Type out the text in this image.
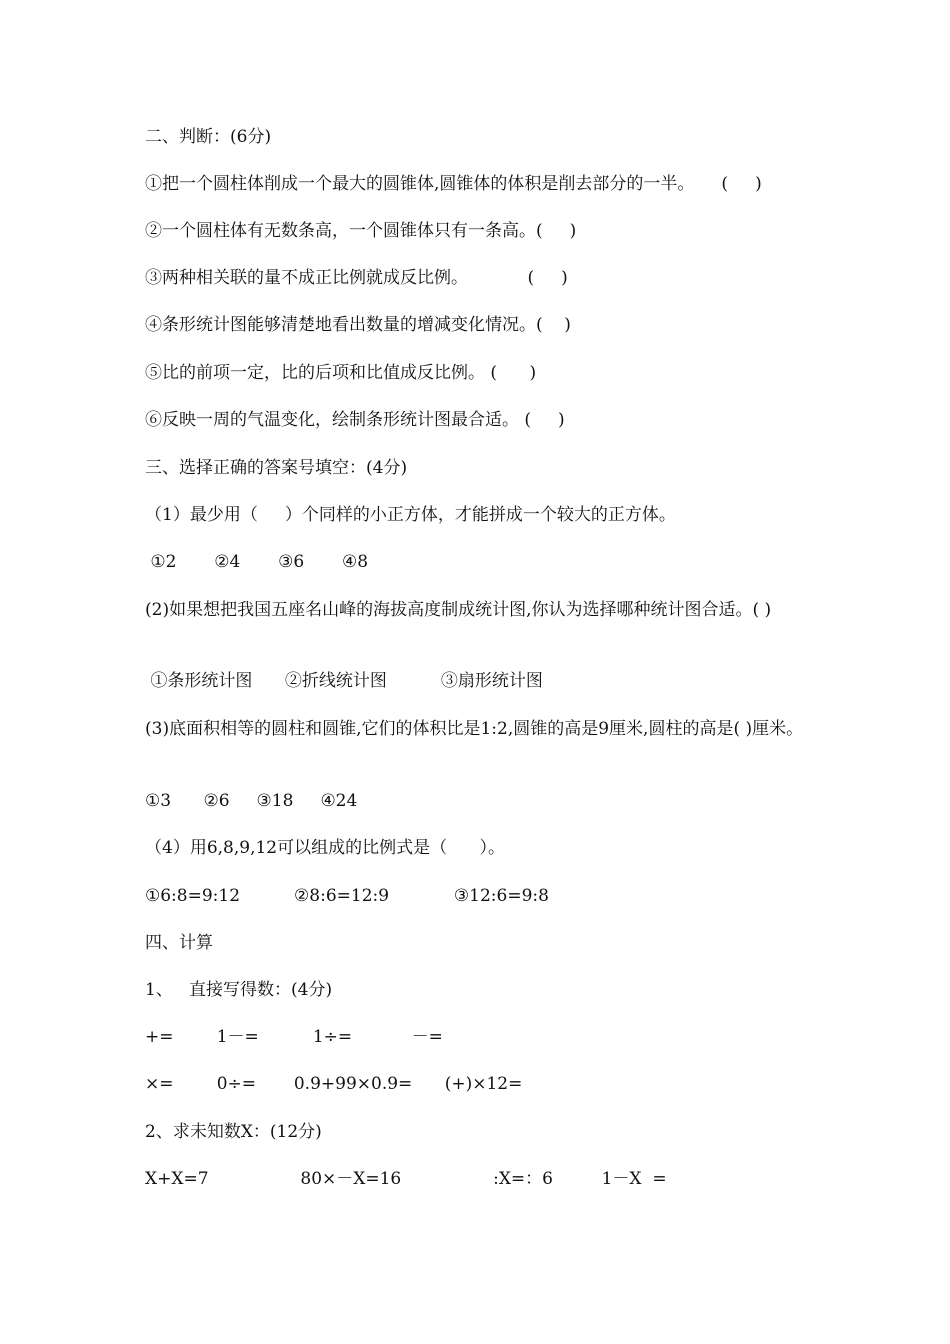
二、判断：(6分)
①把一个圆柱体削成一个最大的圆锥体,圆锥体的体积是削去部分的一半。     (     )
②一个圆柱体有无数条高，一个圆锥体只有一条高。(     )
③两种相关联的量不成正比例就成反比例。           (     )
④条形统计图能够清楚地看出数量的增减变化情况。(    )
⑤比的前项一定，比的后项和比值成反比例。 (      )
⑥反映一周的气温变化，绘制条形统计图最合适。 (     )
三、选择正确的答案号填空：(4分)
（1）最少用（     ）个同样的小正方体，才能拼成一个较大的正方体。
①2       ②4       ③6       ④8
(2)如果想把我国五座名山峰的海拔高度制成统计图,你认为选择哪种统计图合适。( )
①条形统计图      ②折线统计图          ③扇形统计图
(3)底面积相等的圆柱和圆锥,它们的体积比是1:2,圆锥的高是9厘米,圆柱的高是( )厘米。
①3      ②6     ③18     ④24
（4）用6,8,9,12可以组成的比例式是（      ）。
①6:8=9:12          ②8:6=12:9            ③12:6=9:8
四、计算
1、   直接写得数：(4分)
+=        1－=          1÷=           －=
×=        0÷=       0.9+99×0.9=      (+)×12=
2、求未知数X：(12分)
X+X=7                 80×－X=16                 :X=：6         1－X  =
